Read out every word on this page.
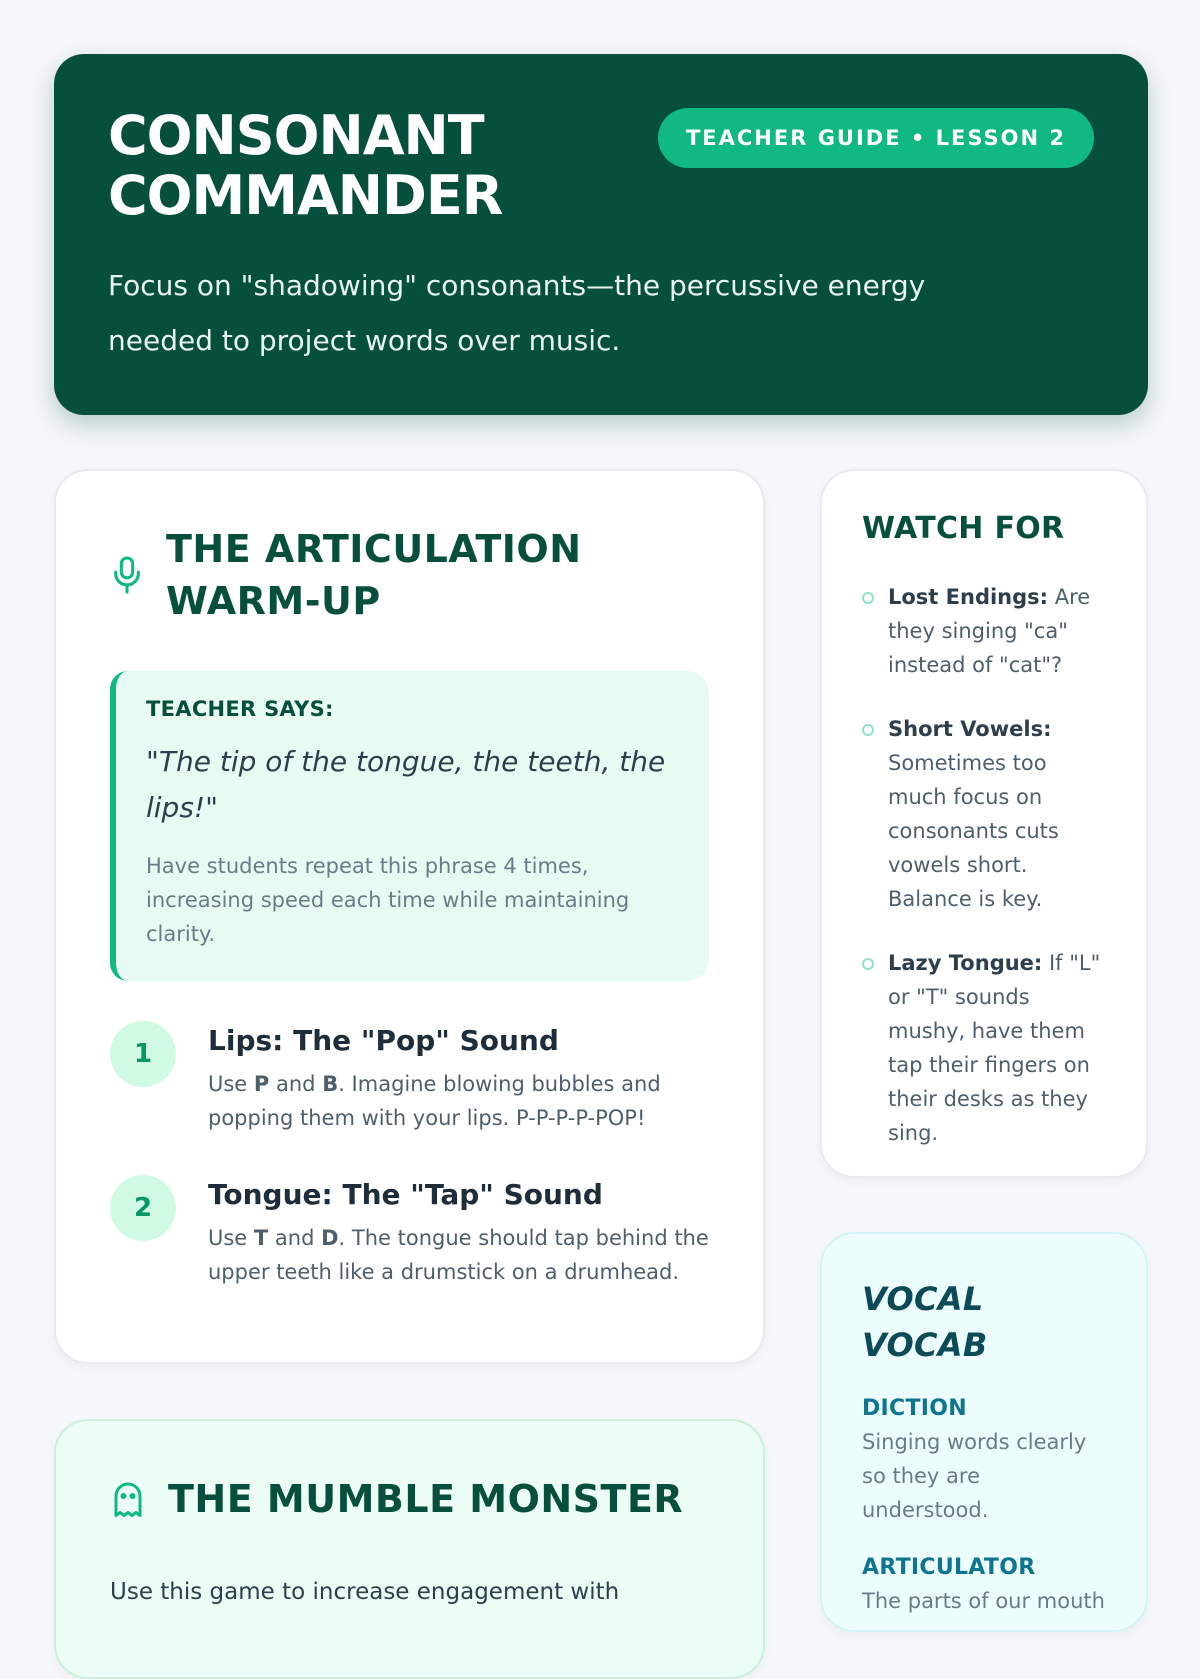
CONSONANT COMMANDER
TEACHER GUIDE • LESSON 2

Focus on "shadowing" consonants—the percussive energy needed to project words over music.

THE ARTICULATION WARM-UP
TEACHER SAYS:
"The tip of the tongue, the teeth, the lips!"
Have students repeat this phrase 4 times, increasing speed each time while maintaining clarity.
1	Lips: The "Pop" Sound
Use P and B. Imagine blowing bubbles and popping them with your lips. P-P-P-P-POP!
2	Tongue: The "Tap" Sound
Use T and D. The tongue should tap behind the upper teeth like a drumstick on a drumhead.
WATCH FOR

Lost Endings: Are they singing "ca" instead of "cat"?

Short Vowels: Sometimes too much focus on consonants cuts vowels short. Balance is key.

Lazy Tongue: If "L" or "T" sounds mushy, have them tap their fingers on their desks as they sing.

VOCAL VOCAB
DICTION
Singing words clearly so they are understood.
ARTICULATOR
The parts of our mouth
THE MUMBLE MONSTER

Use this game to increase engagement with
